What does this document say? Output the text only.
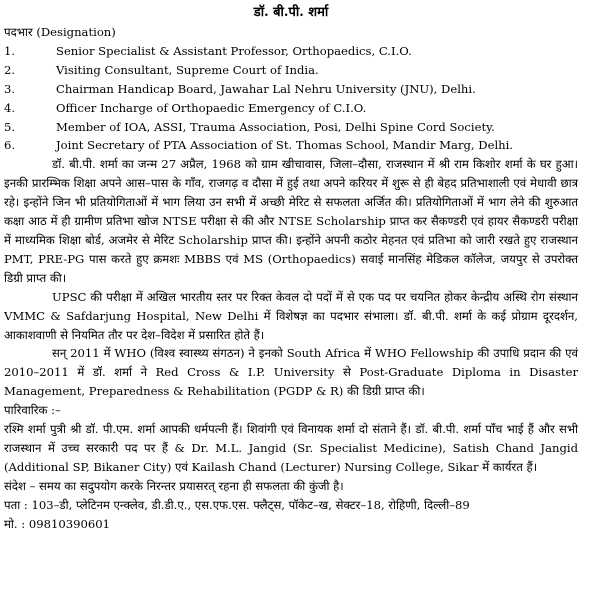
डॉ. बी.पी. शर्मा
पदभार (Designation)
1.	Senior Specialist & Assistant Professor, Orthopaedics, C.I.O.
2.	Visiting Consultant, Supreme Court of India.
3.	Chairman Handicap Board, Jawahar Lal Nehru University (JNU), Delhi.
4.	Officer Incharge of Orthopaedic Emergency of C.I.O.
5.	Member of IOA, ASSI, Trauma Association, Posi, Delhi Spine Cord Society.
6.	Joint Secretary of PTA Association of St. Thomas School, Mandir Marg, Delhi.

डॉ. बी.पी. शर्मा का जन्म 27 अप्रैल, 1968 को ग्राम खीचावास, जिला–दौसा, राजस्थान में श्री राम किशोर शर्मा के घर हुआ। इनकी प्रारम्भिक शिक्षा अपने आस–पास के गाँव, राजगढ़ व दौसा में हुई तथा अपने करियर में शुरू से ही बेहद प्रतिभाशाली एवं मेधावी छात्र रहे। इन्होंने जिन भी प्रतियोगिताओं में भाग लिया उन सभी में अच्छी मेरिट से सफलता अर्जित की। प्रतियोगिताओं में भाग लेने की शुरुआत कक्षा आठ में ही ग्रामीण प्रतिभा खोज NTSE परीक्षा से की और NTSE Scholarship प्राप्त कर सैकण्डरी एवं हायर सैकण्डरी परीक्षा में माध्यमिक शिक्षा बोर्ड, अजमेर से मेरिट Scholarship प्राप्त की। इन्होंने अपनी कठोर मेहनत एवं प्रतिभा को जारी रखते हुए राजस्थान PMT, PRE-PG पास करते हुए क्रमशः MBBS एवं MS (Orthopaedics) सवाई मानसिंह मेडिकल कॉलेज, जयपुर से उपरोक्त डिग्री प्राप्त की।

UPSC की परीक्षा में अखिल भारतीय स्तर पर रिक्त केवल दो पदों में से एक पद पर चयनित होकर केन्द्रीय अस्थि रोग संस्थान VMMC & Safdarjung Hospital, New Delhi में विशेषज्ञ का पदभार संभाला। डॉ. बी.पी. शर्मा के कई प्रोग्राम दूरदर्शन, आकाशवाणी से नियमित तौर पर देश–विदेश में प्रसारित होते हैं।

सन् 2011 में WHO (विश्व स्वास्थ्य संगठन) ने इनको South Africa में WHO Fellowship की उपाधि प्रदान की एवं 2010–2011 में डॉ. शर्मा ने Red Cross & I.P. University से Post-Graduate Diploma in Disaster Management, Preparedness & Rehabilitation (PGDP & R) की डिग्री प्राप्त की।

पारिवारिक :–

रश्मि शर्मा पुत्री श्री डॉ. पी.एम. शर्मा आपकी धर्मपत्नी हैं। शिवांगी एवं विनायक शर्मा दो संताने हैं। डॉ. बी.पी. शर्मा पाँच भाई हैं और सभी राजस्थान में उच्च सरकारी पद पर हैं & Dr. M.L. Jangid (Sr. Specialist Medicine), Satish Chand Jangid (Additional SP, Bikaner City) एवं Kailash Chand (Lecturer) Nursing College, Sikar में कार्यरत हैं।

संदेश – समय का सदुपयोग करके निरन्तर प्रयासरत् रहना ही सफलता की कुंजी है।

पता : 103–डी, प्लेटिनम एन्क्लेव, डी.डी.ए., एस.एफ.एस. फ्लैट्स, पॉकेट–ख, सेक्टर–18, रोहिणी, दिल्ली–89
मो. : 09810390601
